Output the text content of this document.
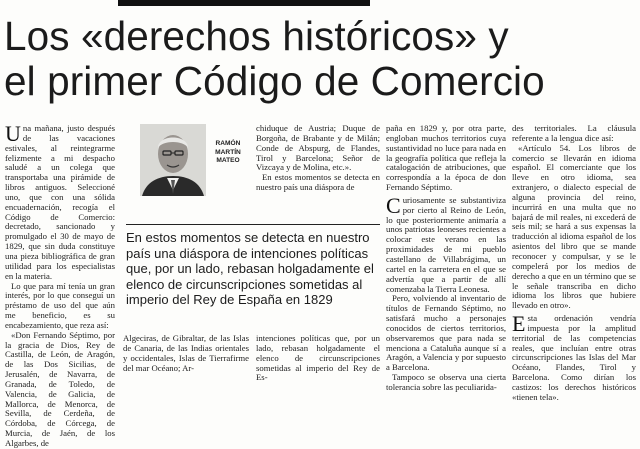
Los «derechos históricos» y
el primer Código de Comercio

Una mañana, justo después de las vacaciones estivales, al reintegrarme felizmente a mi despacho saludé a un colega que transportaba una pirámide de libros antiguos. Seleccioné uno, que con una sólida encuadernación, recogía el Código de Comercio: decretado, sancionado y promulgado el 30 de mayo de 1829, que sin duda constituye una pieza bibliográfica de gran utilidad para los especialistas en la materia.

Lo que para mí tenía un gran interés, por lo que conseguí un préstamo de uso del que aún me beneficio, es su encabezamiento, que reza así:

«Don Fernando Séptimo, por la gracia de Dios, Rey de Castilla, de León, de Aragón, de las Dos Sicilias, de Jerusalén, de Navarra, de Granada, de Toledo, de Valencia, de Galicia, de Mallorca, de Menorca, de Sevilla, de Cerdeña, de Córdoba, de Córcega, de Murcia, de Jaén, de los Algarbes, de

RAMÓN
MARTÍN
MATEO
En estos momentos se detecta en nuestro país una diáspora de intenciones políticas que, por un lado, rebasan holgadamente el elenco de circunscripciones sometidas al imperio del Rey de España en 1829

Algeciras, de Gibraltar, de las Islas de Canaria, de las Indias orientales y occidentales, Islas de Tierrafirme del mar Océano; Ar-

chiduque de Austria; Duque de Borgoña, de Brabante y de Milán; Conde de Abspurg, de Flandes, Tirol y Barcelona; Señor de Vizcaya y de Molina, etc.».

En estos momentos se detecta en nuestro país una diáspora de

intenciones políticas que, por un lado, rebasan holgadamente el elenco de circunscripciones sometidas al imperio del Rey de Es-

paña en 1829 y, por otra parte, engloban muchos territorios cuya sustantividad no luce para nada en la geografía política que refleja la catalogación de atribuciones, que correspondía a la época de don Fernando Séptimo.

Curiosamente se substantiviza por cierto al Reino de León, lo que posteriormente animaría a unos patriotas leoneses recientes a colocar este verano en las proximidades de mi pueblo castellano de Villabrágima, un cartel en la carretera en el que se advertía que a partir de allí comenzaba la Tierra Leonesa.

Pero, volviendo al inventario de títulos de Fernando Séptimo, no satisfará mucho a personajes conocidos de ciertos territorios, observaremos que para nada se menciona a Cataluña aunque sí a Aragón, a Valencia y por supuesto a Barcelona.

Tampoco se observa una cierta tolerancia sobre las peculiarida-

des territoriales. La cláusula referente a la lengua dice así:

«Artículo 54. Los libros de comercio se llevarán en idioma español. El comerciante que los lleve en otro idioma, sea extranjero, o dialecto especial de alguna provincia del reino, incurrirá en una multa que no bajará de mil reales, ni excederá de seis mil; se hará a sus expensas la traducción al idioma español de los asientos del libro que se mande reconocer y compulsar, y se le compelerá por los medios de derecho a que en un término que se le señale transcriba en dicho idioma los libros que hubiere llevado en otro».

Esta ordenación vendría impuesta por la amplitud territorial de las competencias reales, que incluían entre otras circunscripciones las Islas del Mar Océano, Flandes, Tirol y Barcelona. Como dirían los castizos: los derechos históricos «tienen tela».
